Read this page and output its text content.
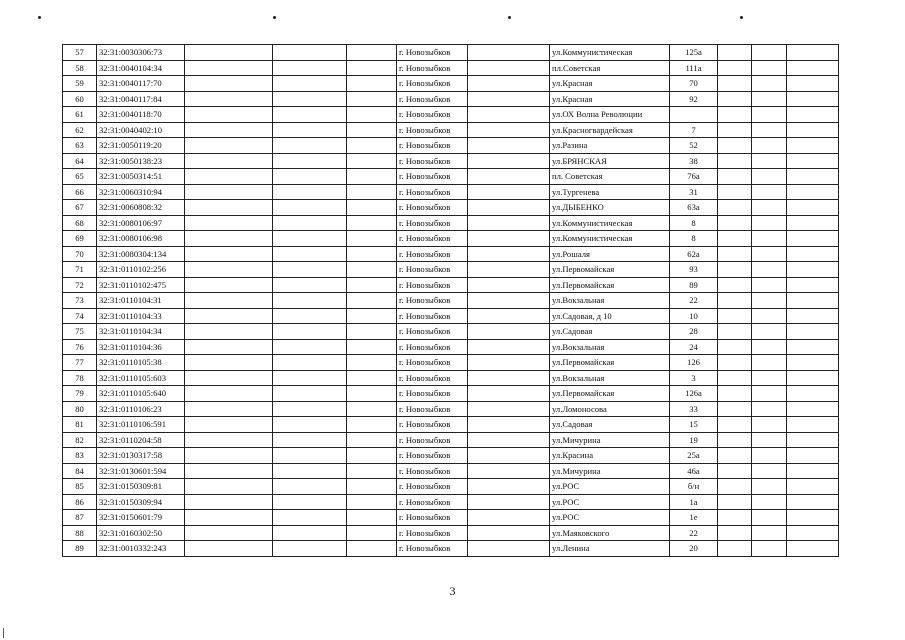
57	32:31:0030306:73				г. Новозыбков		ул.Коммунистическая	125а			
58	32:31:0040104:34				г. Новозыбков		пл.Советская	111а			
59	32:31:0040117:70				г. Новозыбков		ул.Красная	70			
60	32:31:0040117:84				г. Новозыбков		ул.Красная	92			
61	32:31:0040118:70				г. Новозыбков		ул.ОХ Волна Революции				
62	32:31:0040402:10				г. Новозыбков		ул.Красногвардейская	7			
63	32:31:0050119:20				г. Новозыбков		ул.Разина	52			
64	32:31:0050138:23				г. Новозыбков		ул.БРЯНСКАЯ	38			
65	32:31:0050314:51				г. Новозыбков		пл. Советская	76а			
66	32:31:0060310:94				г. Новозыбков		ул.Тургенева	31			
67	32:31:0060808:32				г. Новозыбков		ул.ДЫБЕНКО	63а			
68	32:31:0080106:97				г. Новозыбков		ул.Коммунистическая	8			
69	32:31:0080106:98				г. Новозыбков		ул.Коммунистическая	8			
70	32:31:0080304:134				г. Новозыбков		ул.Рошаля	62а			
71	32:31:0110102:256				г. Новозыбков		ул.Первомайская	93			
72	32:31:0110102:475				г. Новозыбков		ул.Первомайская	89			
73	32:31:0110104:31				г. Новозыбков		ул.Вокзальная	22			
74	32:31:0110104:33				г. Новозыбков		ул.Садовая, д 10	10			
75	32:31:0110104:34				г. Новозыбков		ул.Садовая	28			
76	32:31:0110104:36				г. Новозыбков		ул.Вокзальная	24			
77	32:31:0110105:38				г. Новозыбков		ул.Первомайская	126			
78	32:31:0110105:603				г. Новозыбков		ул.Вокзальная	3			
79	32:31:0110105:640				г. Новозыбков		ул.Первомайская	126а			
80	32:31:0110106:23				г. Новозыбков		ул.Ломоносова	33			
81	32:31:0110106:591				г. Новозыбков		ул.Садовая	15			
82	32:31:0110204:58				г. Новозыбков		ул.Мичурина	19			
83	32:31:0130317:58				г. Новозыбков		ул.Красина	25а			
84	32:31:0130601:594				г. Новозыбков		ул.Мичурина	46а			
85	32:31:0150309:81				г. Новозыбков		ул.РОС	б/н			
86	32:31:0150309:94				г. Новозыбков		ул.РОС	1а			
87	32:31:0150601:79				г. Новозыбков		ул.РОС	1е			
88	32:31:0160302:50				г. Новозыбков		ул.Маяковского	22			
89	32:31:0010332:243				г. Новозыбков		ул.Ленина	20			
3
